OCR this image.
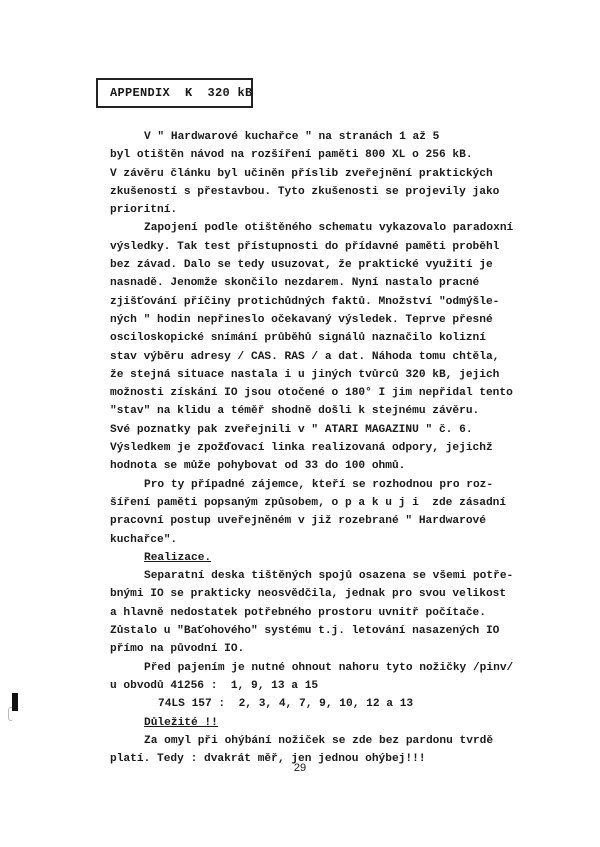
APPENDIX  K  320 kB
V " Hardwarové kuchařce " na stranách 1 až 5
byl otištěn návod na rozšíření paměti 800 XL o 256 kB.
V závěru článku byl učiněn příslib zveřejnění praktických
zkušeností s přestavbou. Tyto zkušenosti se projevily jako
prioritní.
Zapojení podle otištěného schematu vykazovalo paradoxní
výsledky. Tak test přístupnosti do přídavné paměti proběhl
bez závad. Dalo se tedy usuzovat, že praktické využití je
nasnadě. Jenomže skončilo nezdarem. Nyní nastalo pracné
zjišťování příčiny protichůdných faktů. Množství "odmýšle-
ných " hodin nepřineslo očekavaný výsledek. Teprve přesné
osciloskopické snímání průběhů signálů naznačilo kolizní
stav výběru adresy / CAS. RAS / a dat. Náhoda tomu chtěla,
že stejná situace nastala i u jiných tvůrců 320 kB, jejich
možnosti získání IO jsou otočené o 180° I jim nepřidal tento
"stav" na klidu a téměř shodně došli k stejnému závěru.
Své poznatky pak zveřejnili v " ATARI MAGAZINU " č. 6.
Výsledkem je zpožďovací linka realizovaná odpory, jejichž
hodnota se může pohybovat od 33 do 100 ohmů.
Pro ty případné zájemce, kteří se rozhodnou pro roz-
šíření paměti popsaným způsobem, o p a k u j i  zde zásadní
pracovní postup uveřejněném v již rozebrané " Hardwarové
kuchařce".
Realizace.
Separatní deska tištěných spojů osazena se všemi potře-
bnými IO se prakticky neosvědčila, jednak pro svou velikost
a hlavně nedostatek potřebného prostoru uvnitř počítače.
Zůstalo u "Baťohového" systému t.j. letování nasazených IO
přímo na původní IO.
Před pajením je nutné ohnout nahoru tyto nožičky /pinv/
u obvodů 41256 :  1, 9, 13 a 15
74LS 157 :  2, 3, 4, 7, 9, 10, 12 a 13
Důležité !!
Za omyl při ohýbání nožiček se zde bez pardonu tvrdě
platí. Tedy : dvakrát měř, jen jednou ohýbej!!!
29
